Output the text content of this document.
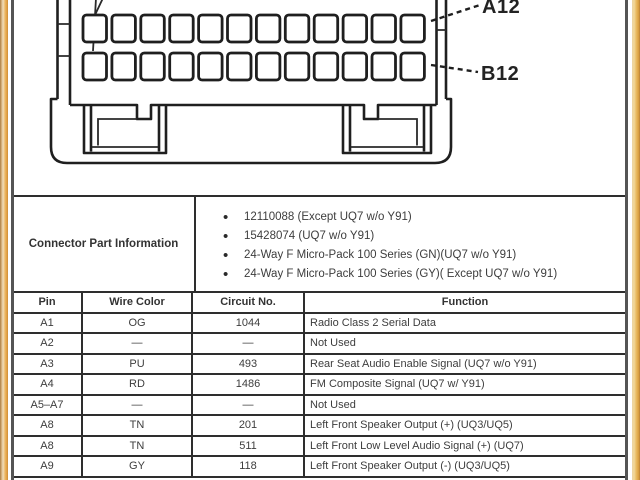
A12
B12
Connector Part Information
• 12110088 (Except UQ7 w/o Y91)
• 15428074 (UQ7 w/o Y91)
• 24-Way F Micro-Pack 100 Series (GN)(UQ7 w/o Y91)
• 24-Way F Micro-Pack 100 Series (GY)( Except UQ7 w/o Y91)
Pin	Wire Color	Circuit No.	Function
A1	OG	1044	Radio Class 2 Serial Data
A2	—	—	Not Used
A3	PU	493	Rear Seat Audio Enable Signal (UQ7 w/o Y91)
A4	RD	1486	FM Composite Signal (UQ7 w/ Y91)
A5–A7	—	—	Not Used
A8	TN	201	Left Front Speaker Output (+) (UQ3/UQ5)
A8	TN	511	Left Front Low Level Audio Signal (+) (UQ7)
A9	GY	118	Left Front Speaker Output (-) (UQ3/UQ5)
